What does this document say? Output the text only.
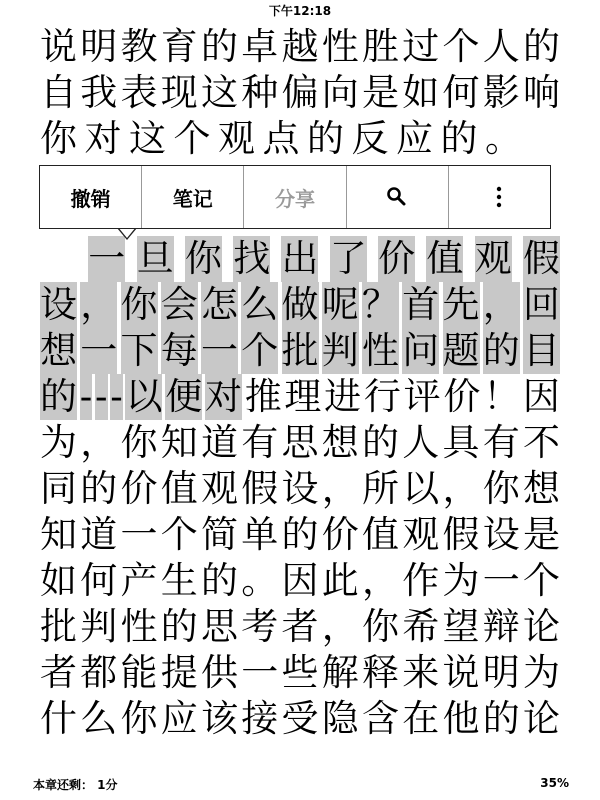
下午12:18
说 明 教 育 的 卓 越 性 胜 过 个 人 的
自 我 表 现 这 种 偏 向 是 如 何 影 响
你 对 这 个 观 点 的 反 应 的 。

一 旦 你 找 出 了 价 值 观 假
设 ， 你 会 怎 么 做 呢 ？ 首 先 ， 回
想 一 下 每 一 个 批 判 性 问 题 的 目
的 - - - 以 便 对 推 理 进 行 评 价 ！ 因
为 ， 你 知 道 有 思 想 的 人 具 有 不
同 的 价 值 观 假 设 ， 所 以 ， 你 想
知 道 一 个 简 单 的 价 值 观 假 设 是
如 何 产 生 的 。 因 此 ， 作 为 一 个
批 判 性 的 思 考 者 ， 你 希 望 辩 论
者 都 能 提 供 一 些 解 释 来 说 明 为
什 么 你 应 该 接 受 隐 含 在 他 的 论
撤销	笔记	分享
本章还剩： 1分	35%
